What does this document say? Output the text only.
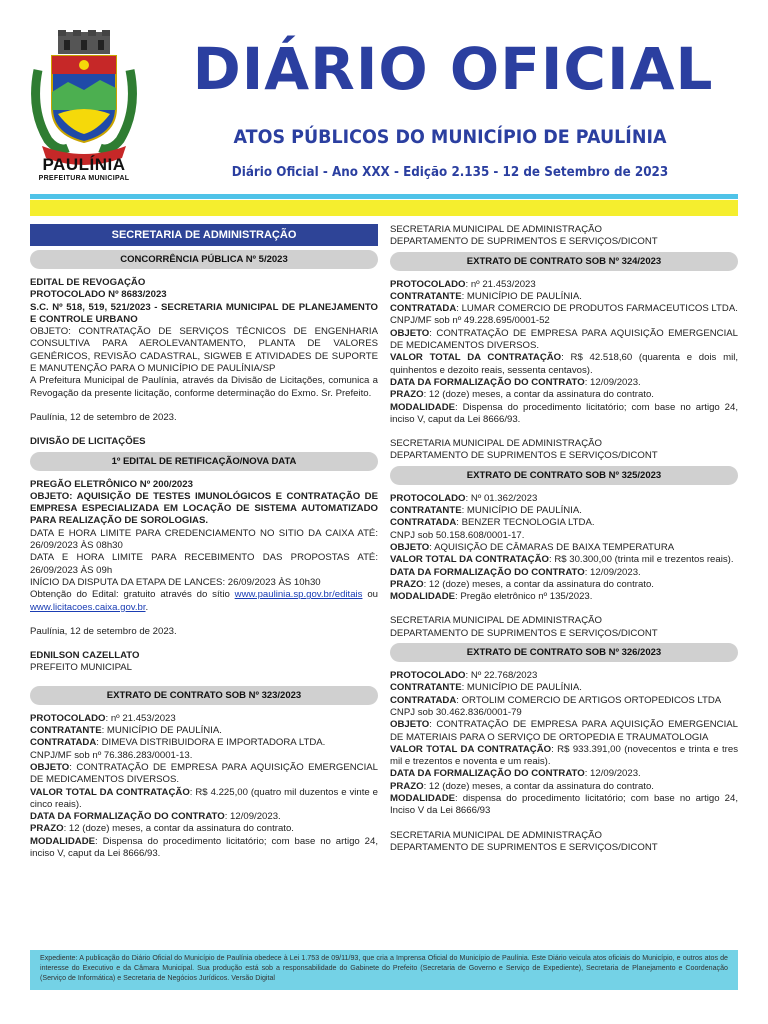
PAULÍNIA
PREFEITURA MUNICIPAL
DIÁRIO OFICIAL
ATOS PÚBLICOS DO MUNICÍPIO DE PAULÍNIA
Diário Oficial - Ano XXX - Edição 2.135 - 12 de Setembro de 2023
SECRETARIA DE ADMINISTRAÇÃO
CONCORRÊNCIA PÚBLICA Nº 5/2023

EDITAL DE REVOGAÇÃO

PROTOCOLADO Nº 8683/2023

S.C. Nº 518, 519, 521/2023 - SECRETARIA MUNICIPAL DE PLANEJAMENTO E CONTROLE URBANO

OBJETO: CONTRATAÇÃO DE SERVIÇOS TÉCNICOS DE ENGENHARIA CONSULTIVA PARA AEROLEVANTAMENTO, PLANTA DE VALORES GENÉRICOS, REVISÃO CADASTRAL, SIGWEB E ATIVIDADES DE SUPORTE E MANUTENÇÃO PARA O MUNICÍPIO DE PAULÍNIA/SP

A Prefeitura Municipal de Paulínia, através da Divisão de Licitações, comunica a Revogação da presente licitação, conforme determinação do Exmo. Sr. Prefeito.

Paulínia, 12 de setembro de 2023.

DIVISÃO DE LICITAÇÕES

1º EDITAL DE RETIFICAÇÃO/NOVA DATA

PREGÃO ELETRÔNICO Nº 200/2023

OBJETO: AQUISIÇÃO DE TESTES IMUNOLÓGICOS E CONTRATAÇÃO DE EMPRESA ESPECIALIZADA EM LOCAÇÃO DE SISTEMA AUTOMATIZADO PARA REALIZAÇÃO DE SOROLOGIAS.

DATA E HORA LIMITE PARA CREDENCIAMENTO NO SITIO DA CAIXA ATÉ: 26/09/2023 ÀS 08h30

DATA E HORA LIMITE PARA RECEBIMENTO DAS PROPOSTAS ATÉ: 26/09/2023 ÀS 09h

INÍCIO DA DISPUTA DA ETAPA DE LANCES: 26/09/2023 ÀS 10h30

Obtenção do Edital: gratuito através do sítio www.paulinia.sp.gov.br/editais ou www.licitacoes.caixa.gov.br.

Paulínia, 12 de setembro de 2023.

EDNILSON CAZELLATO

PREFEITO MUNICIPAL

EXTRATO DE CONTRATO SOB Nº 323/2023

PROTOCOLADO: nº 21.453/2023

CONTRATANTE: MUNICÍPIO DE PAULÍNIA.

CONTRATADA: DIMEVA DISTRIBUIDORA E IMPORTADORA LTDA.

CNPJ/MF sob nº 76.386.283/0001-13.

OBJETO: CONTRATAÇÃO DE EMPRESA PARA AQUISIÇÃO EMERGENCIAL DE MEDICAMENTOS DIVERSOS.

VALOR TOTAL DA CONTRATAÇÃO: R$ 4.225,00 (quatro mil duzentos e vinte e cinco reais).

DATA DA FORMALIZAÇÃO DO CONTRATO: 12/09/2023.

PRAZO: 12 (doze) meses, a contar da assinatura do contrato.

MODALIDADE: Dispensa do procedimento licitatório; com base no artigo 24, inciso V, caput da Lei 8666/93.

SECRETARIA MUNICIPAL DE ADMINISTRAÇÃO

DEPARTAMENTO DE SUPRIMENTOS E SERVIÇOS/DICONT

EXTRATO DE CONTRATO SOB Nº 324/2023

PROTOCOLADO: nº 21.453/2023

CONTRATANTE: MUNICÍPIO DE PAULÍNIA.

CONTRATADA: LUMAR COMERCIO DE PRODUTOS FARMACEUTICOS LTDA.

CNPJ/MF sob nº 49.228.695/0001-52

OBJETO: CONTRATAÇÃO DE EMPRESA PARA AQUISIÇÃO EMERGENCIAL DE MEDICAMENTOS DIVERSOS.

VALOR TOTAL DA CONTRATAÇÃO: R$ 42.518,60 (quarenta e dois mil, quinhentos e dezoito reais, sessenta centavos).

DATA DA FORMALIZAÇÃO DO CONTRATO: 12/09/2023.

PRAZO: 12 (doze) meses, a contar da assinatura do contrato.

MODALIDADE: Dispensa do procedimento licitatório; com base no artigo 24, inciso V, caput da Lei 8666/93.

SECRETARIA MUNICIPAL DE ADMINISTRAÇÃO

DEPARTAMENTO DE SUPRIMENTOS E SERVIÇOS/DICONT

EXTRATO DE CONTRATO SOB Nº 325/2023

PROTOCOLADO: Nº 01.362/2023

CONTRATANTE: MUNICÍPIO DE PAULÍNIA.

CONTRATADA: BENZER TECNOLOGIA LTDA.

CNPJ sob 50.158.608/0001-17.

OBJETO: AQUISIÇÃO DE CÂMARAS DE BAIXA TEMPERATURA

VALOR TOTAL DA CONTRATAÇÃO: R$ 30.300,00 (trinta mil e trezentos reais).

DATA DA FORMALIZAÇÃO DO CONTRATO: 12/09/2023.

PRAZO: 12 (doze) meses, a contar da assinatura do contrato.

MODALIDADE: Pregão eletrônico nº 135/2023.

SECRETARIA MUNICIPAL DE ADMINISTRAÇÃO

DEPARTAMENTO DE SUPRIMENTOS E SERVIÇOS/DICONT

EXTRATO DE CONTRATO SOB Nº 326/2023

PROTOCOLADO: Nº 22.768/2023

CONTRATANTE: MUNICÍPIO DE PAULÍNIA.

CONTRATADA: ORTOLIM COMERCIO DE ARTIGOS ORTOPEDICOS LTDA

CNPJ sob 30.462.836/0001-79

OBJETO: CONTRATAÇÃO DE EMPRESA PARA AQUISIÇÃO EMERGENCIAL DE MATERIAIS PARA O SERVIÇO DE ORTOPEDIA E TRAUMATOLOGIA

VALOR TOTAL DA CONTRATAÇÃO: R$ 933.391,00 (novecentos e trinta e tres mil e trezentos e noventa e um reais).

DATA DA FORMALIZAÇÃO DO CONTRATO: 12/09/2023.

PRAZO: 12 (doze) meses, a contar da assinatura do contrato.

MODALIDADE: dispensa do procedimento licitatório; com base no artigo 24, Inciso V da Lei 8666/93

SECRETARIA MUNICIPAL DE ADMINISTRAÇÃO

DEPARTAMENTO DE SUPRIMENTOS E SERVIÇOS/DICONT

Expediente: A publicação do Diário Oficial do Município de Paulínia obedece à Lei 1.753 de 09/11/93, que cria a Imprensa Oficial do Município de Paulínia. Este Diário veicula atos oficiais do Município, e outros atos de interesse do Executivo e da Câmara Municipal. Sua produção está sob a responsabilidade do Gabinete do Prefeito (Secretaria de Governo e Serviço de Expediente), Secretaria de Planejamento e Coordenação (Serviço de Informática) e Secretaria de Negócios Jurídicos. Versão Digital
